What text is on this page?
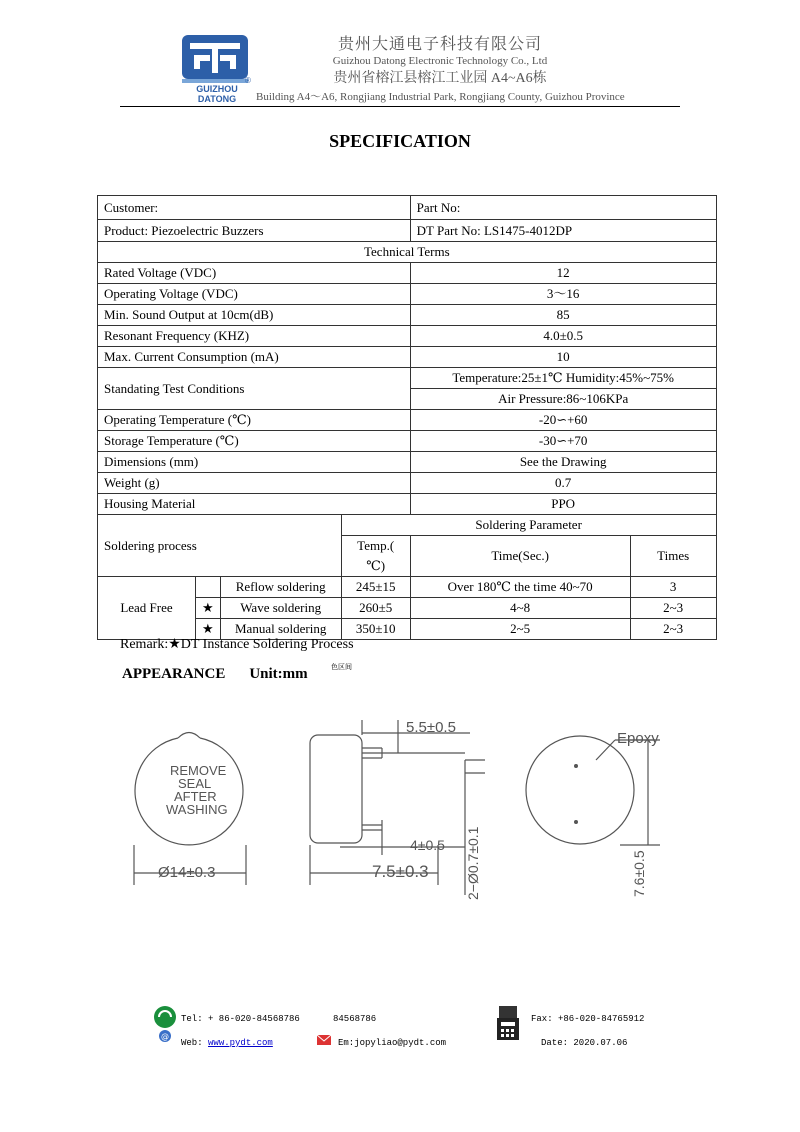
GUIZHOU DATONG
®
贵州大通电子科技有限公司
Guizhou Datong Electronic Technology Co., Ltd
贵州省榕江县榕江工业园 A4~A6栋
Building A4～A6, Rongjiang Industrial Park, Rongjiang County, Guizhou Province
SPECIFICATION
Customer:				Part No:	
Product: Piezoelectric Buzzers				DT Part No: LS1475-4012DP	
Technical Terms					
Rated Voltage (VDC)				12	
Operating Voltage (VDC)				3～16	
Min. Sound Output at 10cm(dB)				85	
Resonant Frequency (KHZ)				4.0±0.5	
Max. Current Consumption (mA)				10	
Standating Test Conditions				Temperature:25±1℃ Humidity:45%~75%	
				Air Pressure:86~106KPa	
Operating Temperature (℃)				-20∽+60	
Storage Temperature (℃)				-30∽+70	
Dimensions (mm)				See the Drawing	
Weight (g)				0.7	
Housing Material				PPO	
Soldering process			Soldering Parameter		
			Temp.( ℃)	Time(Sec.)	Times
Lead Free		Reflow soldering	245±15	Over 180℃ the time 40~70	3
	★	Wave soldering	260±5	4~8	2~3
	★	Manual soldering	350±10	2~5	2~3
Remark:★DT Instance Soldering Process
APPEARANCE Unit:mm	色区间
REMOVE
SEAL
AFTER
WASHING
Ø14±0.3
5.5±0.5
4±0.5
7.5±0.3	2−Ø0.7±0.1
Epoxy
7.6±0.5
@
Tel: + 86-020-84568786	84568786
Web: www.pydt.com	Em:jopyliao@pydt.com
Fax: +86-020-84765912
Date: 2020.07.06
